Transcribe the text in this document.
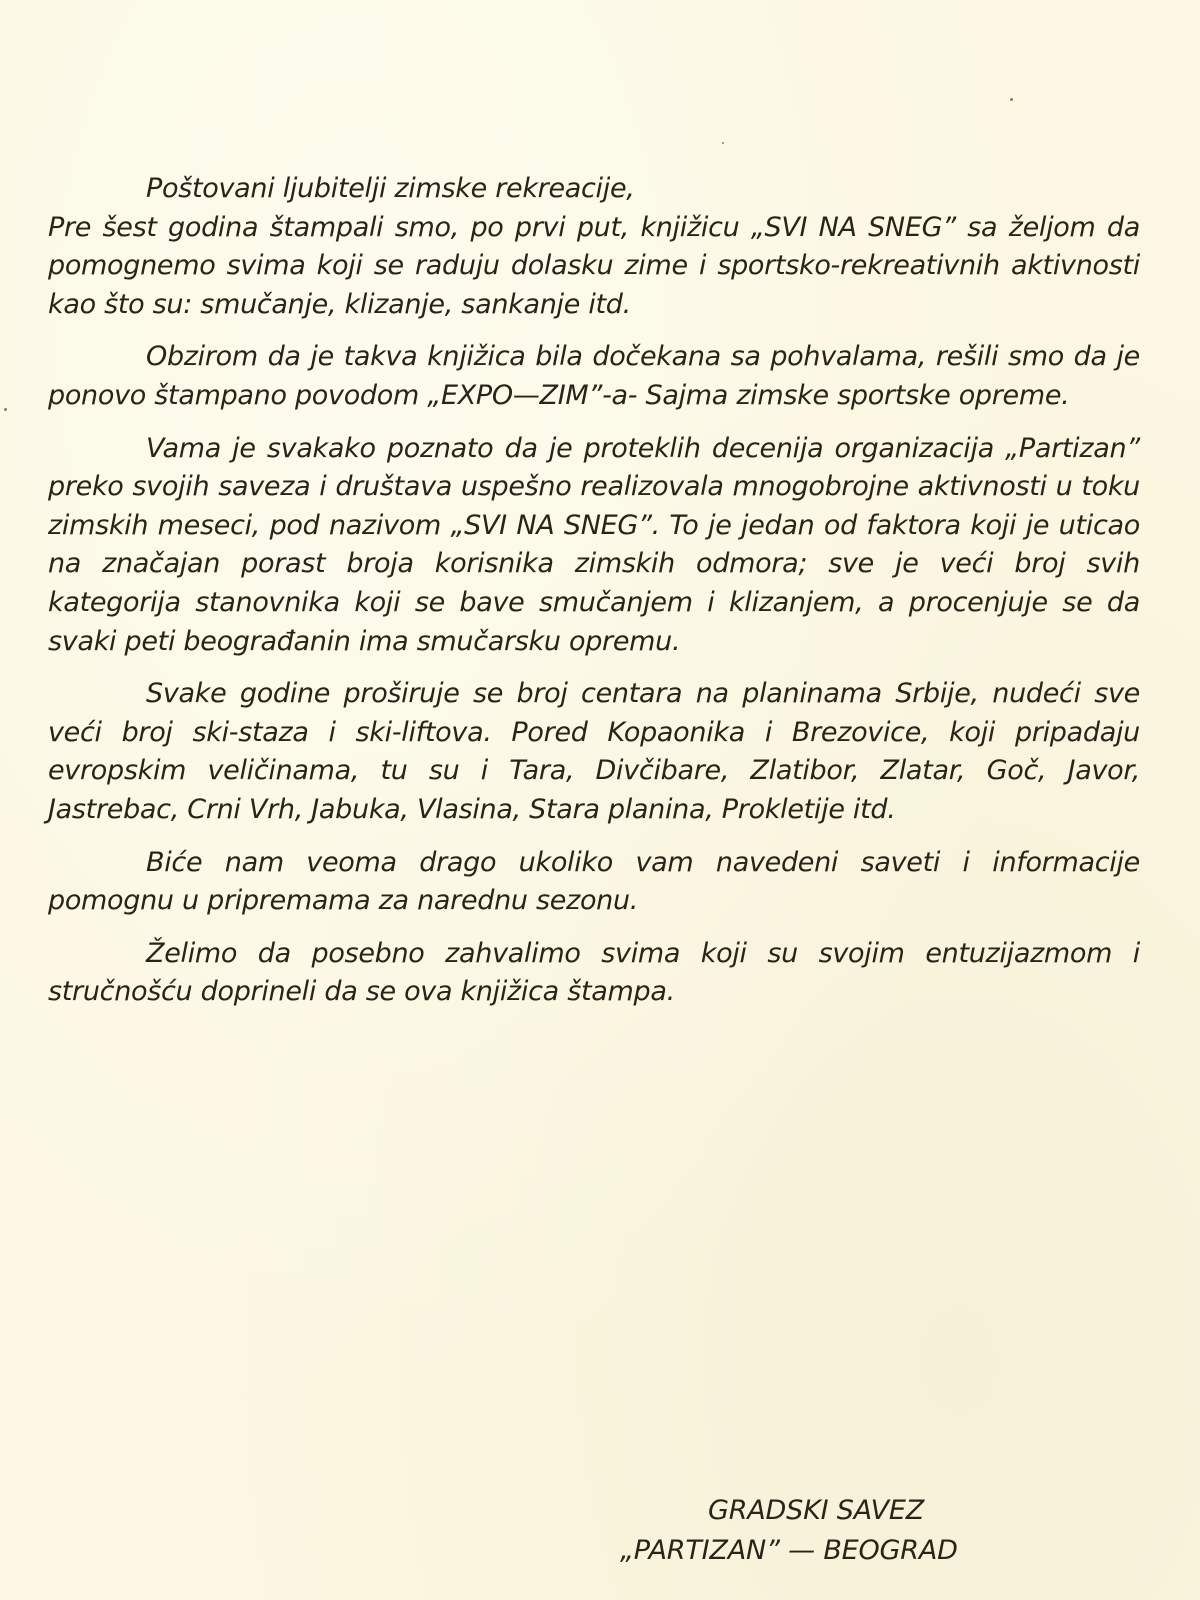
Poštovani ljubitelji zimske rekreacije,

Pre šest godina štampali smo, po prvi put, knjižicu „SVI NA SNEG” sa željom da pomognemo svima koji se raduju dolasku zime i sportsko-rekreativnih aktivnosti kao što su: smučanje, klizanje, sankanje itd.

Obzirom da je takva knjižica bila dočekana sa pohvalama, rešili smo da je ponovo štampano povodom „EXPO—ZIM”-a- Sajma zimske sportske opreme.

Vama je svakako poznato da je proteklih decenija organizacija „Partizan” preko svojih saveza i društava uspešno realizovala mnogobrojne aktivnosti u toku zimskih meseci, pod nazivom „SVI NA SNEG”. To je jedan od faktora koji je uticao na značajan porast broja korisnika zimskih odmora; sve je veći broj svih kategorija stanovnika koji se bave smučanjem i klizanjem, a procenjuje se da svaki peti beograđanin ima smučarsku opremu.

Svake godine proširuje se broj centara na planinama Srbije, nudeći sve veći broj ski-staza i ski-liftova. Pored Kopaonika i Brezovice, koji pripadaju evropskim veličinama, tu su i Tara, Divčibare, Zlatibor, Zlatar, Goč, Javor, Jastrebac, Crni Vrh, Jabuka, Vlasina, Stara planina, Prokletije itd.

Biće nam veoma drago ukoliko vam navedeni saveti i informacije pomognu u pripremama za narednu sezonu.

Želimo da posebno zahvalimo svima koji su svojim entuzijazmom i stručnošću doprineli da se ova knjižica štampa.

GRADSKI SAVEZ
„PARTIZAN” — BEOGRAD
